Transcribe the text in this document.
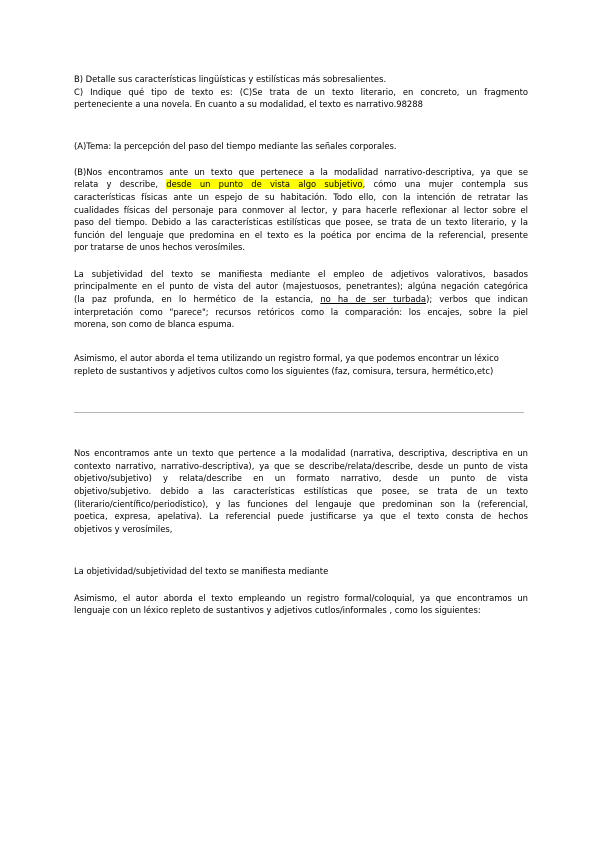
B) Detalle sus características lingüísticas y estilísticas más sobresalientes.

C) Indique qué tipo de texto es: (C)Se trata de un texto literario, en concreto, un fragmento

perteneciente a una novela. En cuanto a su modalidad, el texto es narrativo.98288

(A)Tema: la percepción del paso del tiempo mediante las señales corporales.

(B)Nos encontramos ante un texto que pertenece a la modalidad narrativo-descriptiva, ya que se

relata y describe, desde un punto de vista algo subjetivo, cómo una mujer contempla sus

características físicas ante un espejo de su habitación. Todo ello, con la intención de retratar las

cualidades físicas del personaje para conmover al lector, y para hacerle reflexionar al lector sobre el

paso del tiempo. Debido a las características estilísticas que posee, se trata de un texto literario, y la

función del lenguaje que predomina en el texto es la poética por encima de la referencial, presente

por tratarse de unos hechos verosímiles.

La subjetividad del texto se manifiesta mediante el empleo de adjetivos valorativos, basados

principalmente en el punto de vista del autor (majestuosos, penetrantes); algúna negación categórica

(la paz profunda, en lo hermético de la estancia, no ha de ser turbada); verbos que indican

interpretación como "parece"; recursos retóricos como la comparación: los encajes, sobre la piel

morena, son como de blanca espuma.

Asimismo, el autor aborda el tema utilizando un registro formal, ya que podemos encontrar un léxico

repleto de sustantivos y adjetivos cultos como los siguientes (faz, comisura, tersura, hermético,etc)

Nos encontramos ante un texto que pertence a la modalidad (narrativa, descriptiva, descriptiva en un

contexto narrativo, narrativo-descriptiva), ya que se describe/relata/describe, desde un punto de vista

objetivo/subjetivo) y relata/describe en un formato narrativo, desde un punto de vista

objetivo/subjetivo. debido a las características estilísticas que posee, se trata de un texto

(literario/científico/periodistico), y las funciones del lengauje que predominan son la (referencial,

poetica, expresa, apelativa). La referencial puede justificarse ya que el texto consta de hechos

objetivos y verosímiles,

La objetividad/subjetividad del texto se manifiesta mediante

Asimismo, el autor aborda el texto empleando un registro formal/coloquial, ya que encontramos un

lenguaje con un léxico repleto de sustantivos y adjetivos cutlos/informales , como los siguientes:
